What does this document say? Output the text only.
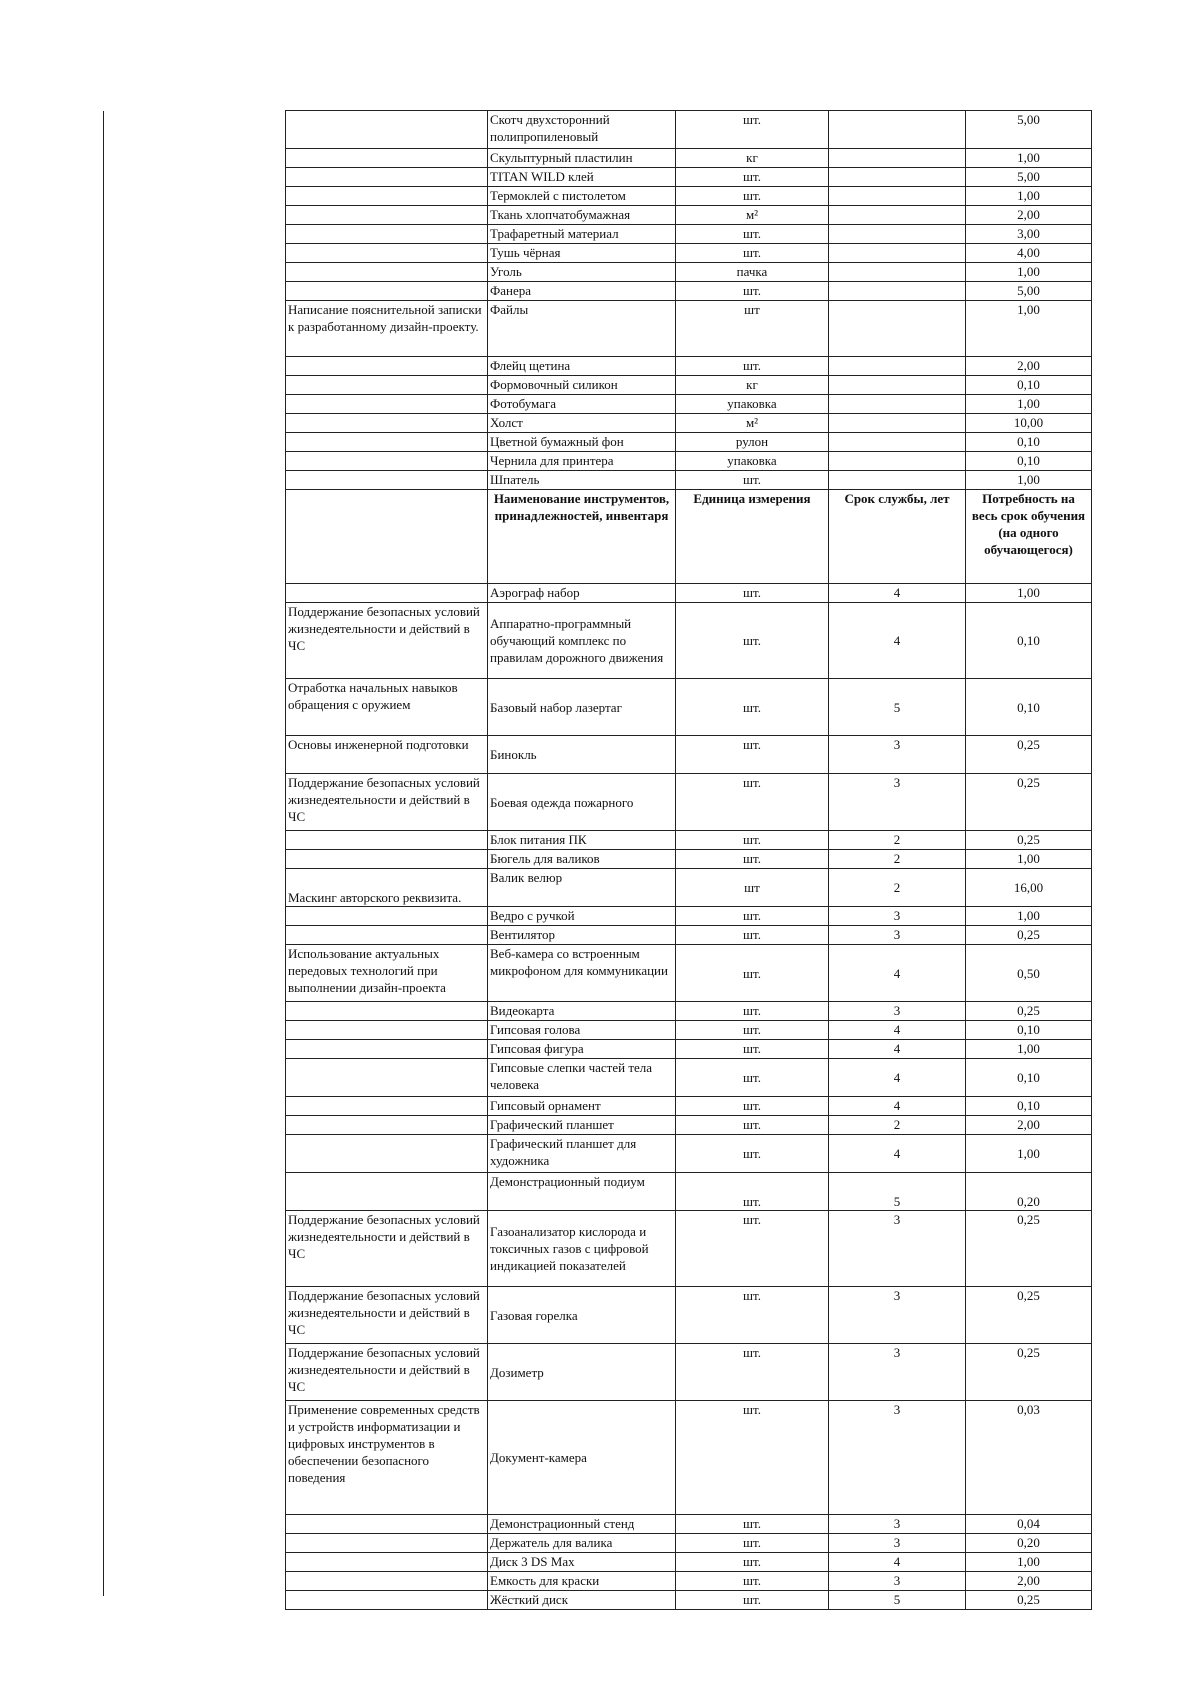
	Скотч двухсторонний полипропиленовый	шт.		5,00
	Скульптурный пластилин	кг		1,00
	TITAN WILD клей	шт.		5,00
	Термоклей с пистолетом	шт.		1,00
	Ткань хлопчатобумажная	м²		2,00
	Трафаретный материал	шт.		3,00
	Тушь чёрная	шт.		4,00
	Уголь	пачка		1,00
	Фанера	шт.		5,00
Написание пояснительной записки к разработанному дизайн-проекту.	Файлы	шт		1,00
	Флейц щетина	шт.		2,00
	Формовочный силикон	кг		0,10
	Фотобумага	упаковка		1,00
	Холст	м²		10,00
	Цветной бумажный фон	рулон		0,10
	Чернила для принтера	упаковка		0,10
	Шпатель	шт.		1,00
	Наименование инструментов, принадлежностей, инвентаря	Единица измерения	Срок службы, лет	Потребность на весь срок обучения (на одного обучающегося)
	Аэрограф набор	шт.	4	1,00
Поддержание безопасных условий жизнедеятельности и действий в ЧС	Аппаратно-программный обучающий комплекс по правилам дорожного движения	шт.	4	0,10
Отработка начальных навыков обращения с оружием	Базовый набор лазертаг	шт.	5	0,10
Основы инженерной подготовки	Бинокль	шт.	3	0,25
Поддержание безопасных условий жизнедеятельности и действий в ЧС	Боевая одежда пожарного	шт.	3	0,25
	Блок питания ПК	шт.	2	0,25
	Бюгель для валиков	шт.	2	1,00
Маскинг авторского реквизита.	Валик велюр	шт	2	16,00
	Ведро с ручкой	шт.	3	1,00
	Вентилятор	шт.	3	0,25
Использование актуальных передовых технологий при выполнении дизайн-проекта	Веб-камера со встроенным микрофоном для коммуникации	шт.	4	0,50
	Видеокарта	шт.	3	0,25
	Гипсовая голова	шт.	4	0,10
	Гипсовая фигура	шт.	4	1,00
	Гипсовые слепки частей тела человека	шт.	4	0,10
	Гипсовый орнамент	шт.	4	0,10
	Графический планшет	шт.	2	2,00
	Графический планшет для художника	шт.	4	1,00
	Демонстрационный подиум	шт.	5	0,20
Поддержание безопасных условий жизнедеятельности и действий в ЧС	Газоанализатор кислорода и токсичных газов с цифровой индикацией показателей	шт.	3	0,25
Поддержание безопасных условий жизнедеятельности и действий в ЧС	Газовая горелка	шт.	3	0,25
Поддержание безопасных условий жизнедеятельности и действий в ЧС	Дозиметр	шт.	3	0,25
Применение современных средств и устройств информатизации и цифровых инструментов в обеспечении безопасного поведения	Документ-камера	шт.	3	0,03
	Демонстрационный стенд	шт.	3	0,04
	Держатель для валика	шт.	3	0,20
	Диск 3 DS Max	шт.	4	1,00
	Емкость для краски	шт.	3	2,00
	Жёсткий диск	шт.	5	0,25
